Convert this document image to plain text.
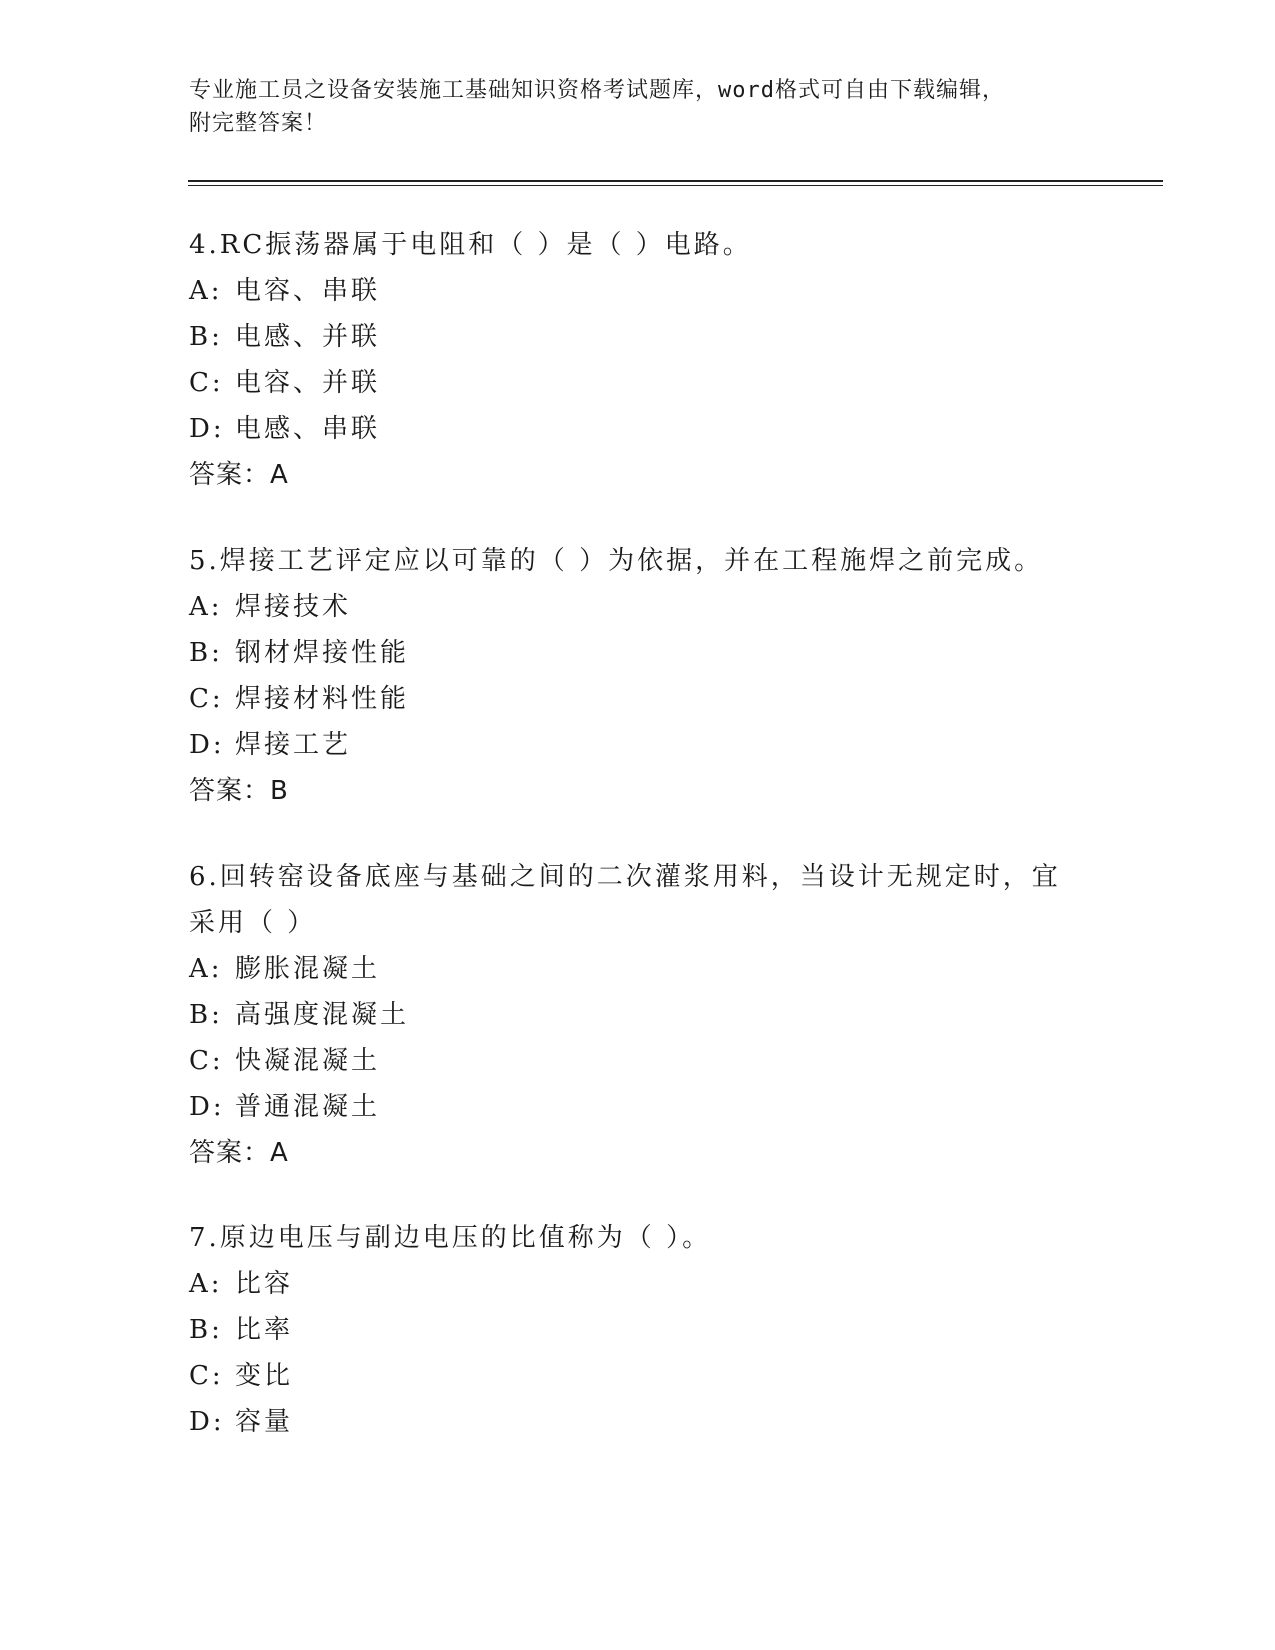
专业施工员之设备安装施工基础知识资格考试题库，word格式可自由下载编辑，
附完整答案！
4.RC振荡器属于电阻和（ ）是（ ）电路。
A: 电容、串联
B: 电感、并联
C: 电容、并联
D: 电感、串联
答案：A
5.焊接工艺评定应以可靠的（ ）为依据，并在工程施焊之前完成。
A: 焊接技术
B: 钢材焊接性能
C: 焊接材料性能
D: 焊接工艺
答案：B
6.回转窑设备底座与基础之间的二次灌浆用料，当设计无规定时，宜
采用（ ）
A: 膨胀混凝土
B: 高强度混凝土
C: 快凝混凝土
D: 普通混凝土
答案：A
7.原边电压与副边电压的比值称为（ ）。
A: 比容
B: 比率
C: 变比
D: 容量
